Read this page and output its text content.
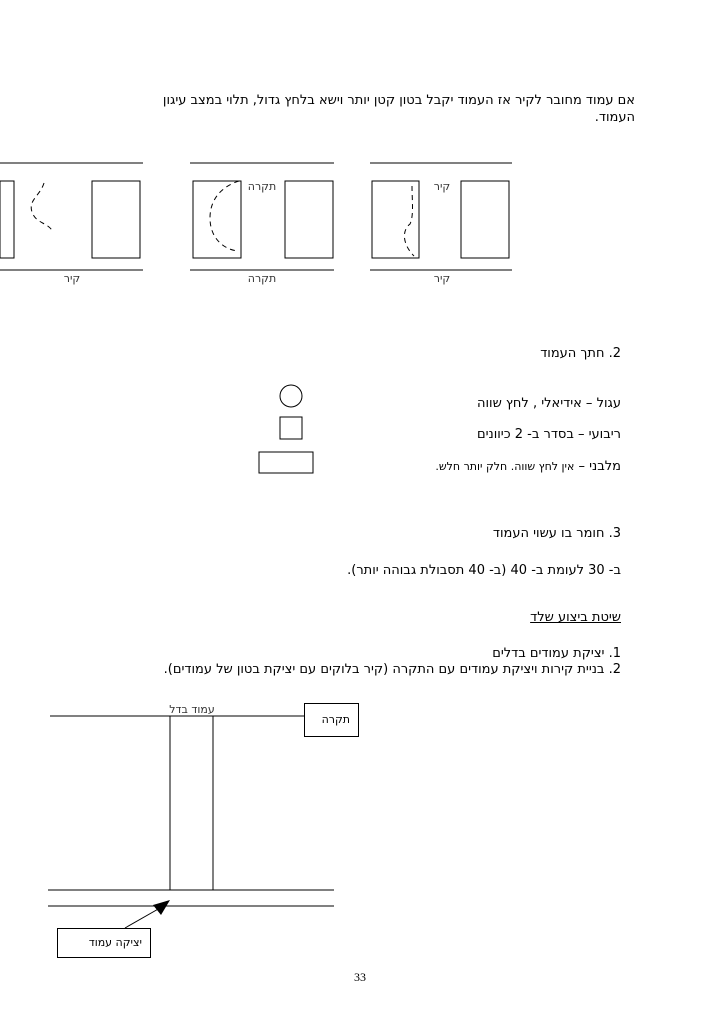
אם עמוד מחובר לקיר אז העמוד יקבל בטון קטן יותר וישא בלחץ גדול, תלוי במצב עיגון
העמוד.
קיר
תקרה
תקרה
קיר
קיר
2. חתך העמוד
עגול – אידיאלי , לחץ שווה
ריבועי – בסדר ב- 2 כיוונים
מלבני – אין לחץ שווה. חלק יותר חלש.
3. חומר בו עשוי העמוד
ב- 30 לעומת ב- 40 (ב- 40 תסבולת גבוהה יותר).
שיטת ביצוע שלד
1. יציקת עמודים בדלים
2. בניית קירות ויציקת עמודים עם התקרה (קיר בלוקים עם יציקת בטון של עמודים).
עמוד בדל
תקרה
יציקה עמוד
33
